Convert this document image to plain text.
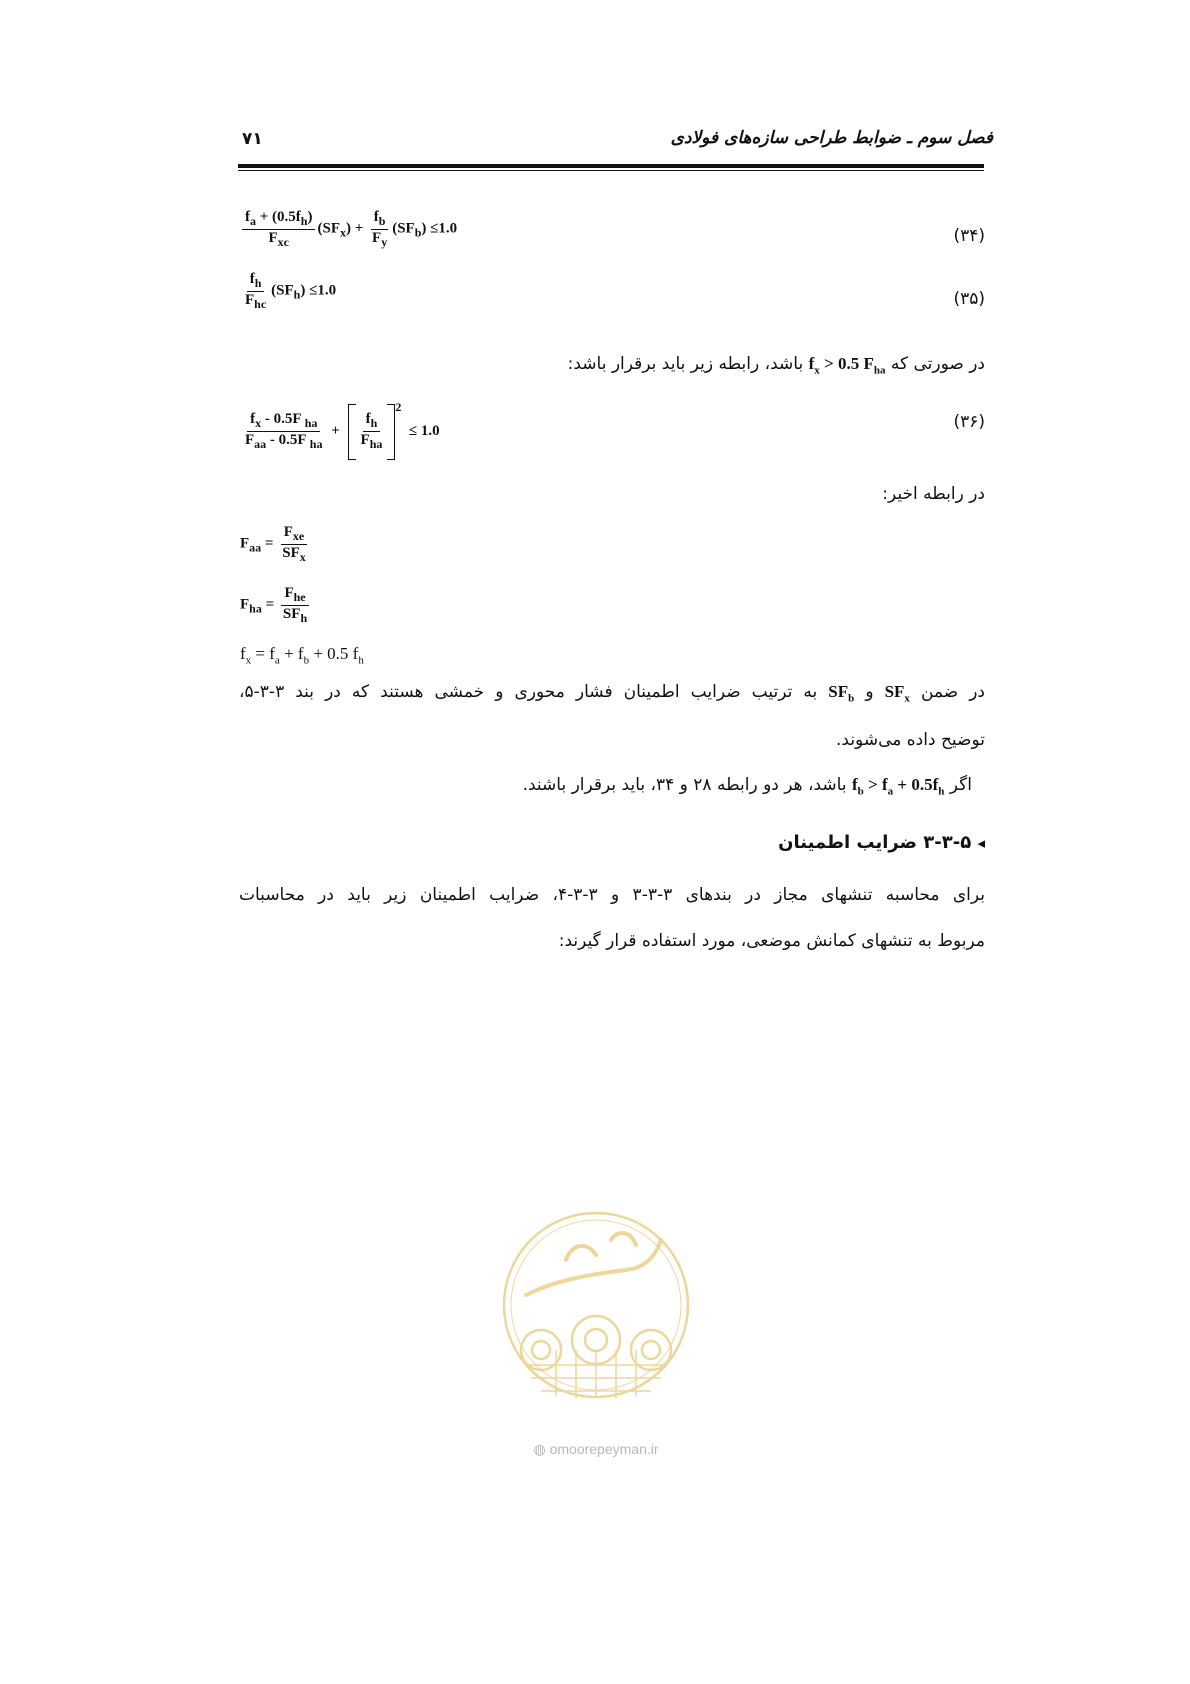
فصل سوم ـ ضوابط طراحی سازه‌های فولادی
۷۱
$\frac{f_a + (0.5f_h)}{F_{xc}} (SF_x) + \frac{f_b}{F_y} (SF_b) \le 1.0$	(۳۴)
$\frac{f_h}{F_{hc}} (SF_h) \le 1.0$	(۳۵)
در صورتی که $f_x > 0.5$ $F_{ha}$ باشد، رابطه زیر باید برقرار باشد:
$\frac{f_x - 0.5F _{ha}}{F_{aa} - 0.5F _{ha}} + \frac{f_h}{F_{ha}}$
$^2$  ≤ 1.0	(۳۶)
در رابطه اخیر:
$F_{aa} = \frac{F_{xe}}{SF_x}$
$F_{ha} = \frac{F_{he}}{SF_h}$
$f_x = f_a + f_b + 0.5$ $f_h$
در ضمن $SF_x$ و $SF_b$ به ترتیب ضرایب اطمینان فشار محوری و خمشی هستند که در بند ۳-۳-۵،
توضیح داده می‌شوند.
اگر $f_b > f_a + 0.5f_h$ باشد، هر دو رابطه ۲۸ و ۳۴، باید برقرار باشند.
◂ ۳-۳-۵ ضرایب اطمینان
برای محاسبه تنشهای مجاز در بندهای ۳-۳-۳ و ۳-۳-۴، ضرایب اطمینان زیر باید در محاسبات
مربوط به تنشهای کمانش موضعی، مورد استفاده قرار گیرند:
◍ omoorepeyman.ir
